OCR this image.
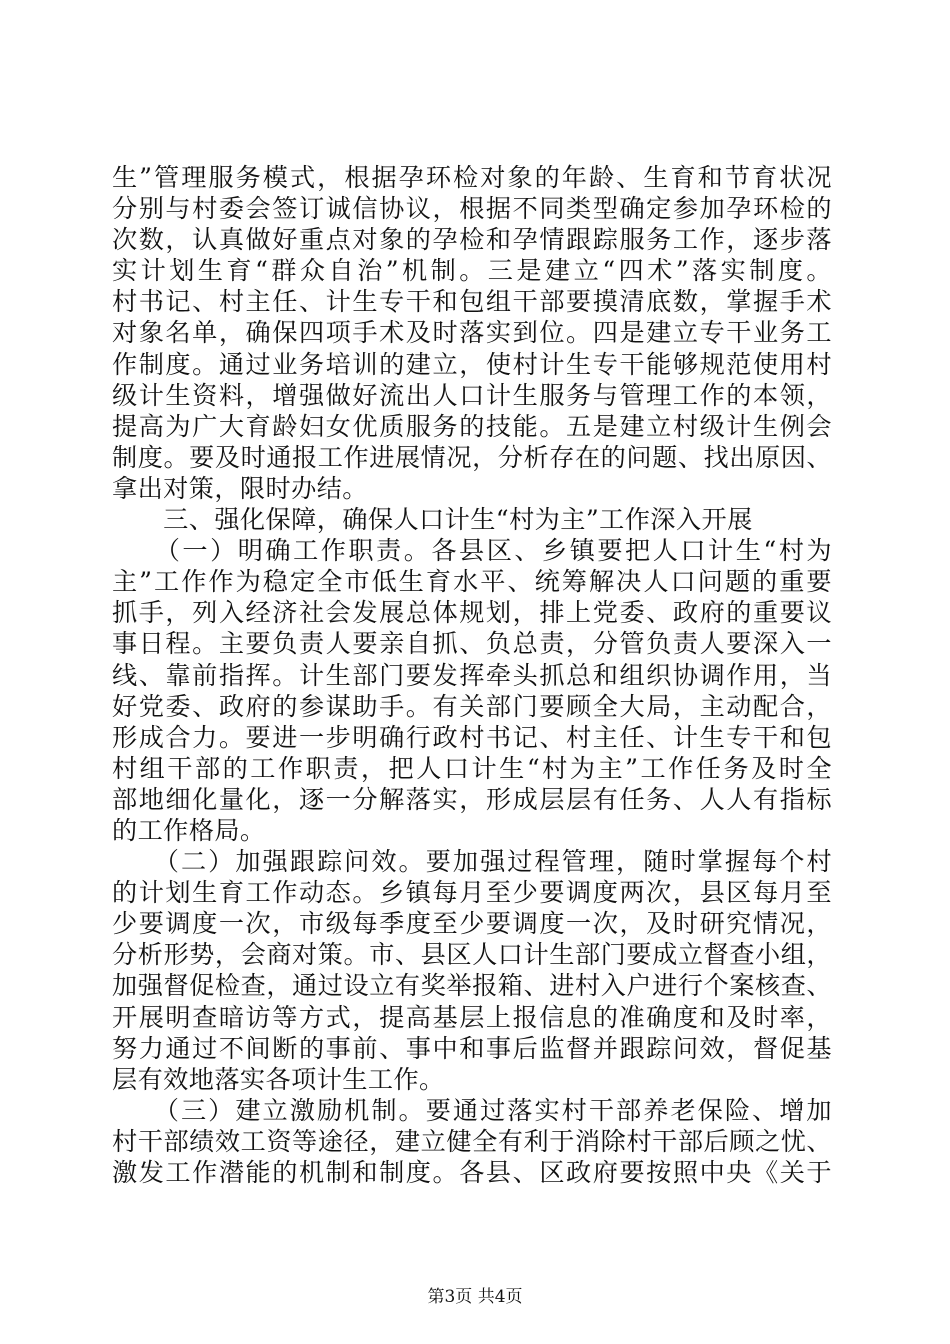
生”管理服务模式，根据孕环检对象的年龄、生育和节育状况
分别与村委会签订诚信协议，根据不同类型确定参加孕环检的
次数，认真做好重点对象的孕检和孕情跟踪服务工作，逐步落
实计划生育“群众自治”机制。三是建立“四术”落实制度。
村书记、村主任、计生专干和包组干部要摸清底数，掌握手术
对象名单，确保四项手术及时落实到位。四是建立专干业务工
作制度。通过业务培训的建立，使村计生专干能够规范使用村
级计生资料，增强做好流出人口计生服务与管理工作的本领，
提高为广大育龄妇女优质服务的技能。五是建立村级计生例会
制度。要及时通报工作进展情况，分析存在的问题、找出原因、
拿出对策，限时办结。
　　三、强化保障，确保人口计生“村为主”工作深入开展
　　（一）明确工作职责。各县区、乡镇要把人口计生“村为
主”工作作为稳定全市低生育水平、统筹解决人口问题的重要
抓手，列入经济社会发展总体规划，排上党委、政府的重要议
事日程。主要负责人要亲自抓、负总责，分管负责人要深入一
线、靠前指挥。计生部门要发挥牵头抓总和组织协调作用，当
好党委、政府的参谋助手。有关部门要顾全大局，主动配合，
形成合力。要进一步明确行政村书记、村主任、计生专干和包
村组干部的工作职责，把人口计生“村为主”工作任务及时全
部地细化量化，逐一分解落实，形成层层有任务、人人有指标
的工作格局。
　　（二）加强跟踪问效。要加强过程管理，随时掌握每个村
的计划生育工作动态。乡镇每月至少要调度两次，县区每月至
少要调度一次，市级每季度至少要调度一次，及时研究情况，
分析形势，会商对策。市、县区人口计生部门要成立督查小组，
加强督促检查，通过设立有奖举报箱、进村入户进行个案核查、
开展明查暗访等方式，提高基层上报信息的准确度和及时率，
努力通过不间断的事前、事中和事后监督并跟踪问效，督促基
层有效地落实各项计生工作。
　　（三）建立激励机制。要通过落实村干部养老保险、增加
村干部绩效工资等途径，建立健全有利于消除村干部后顾之忧、
激发工作潜能的机制和制度。各县、区政府要按照中央《关于
第3页 共4页
